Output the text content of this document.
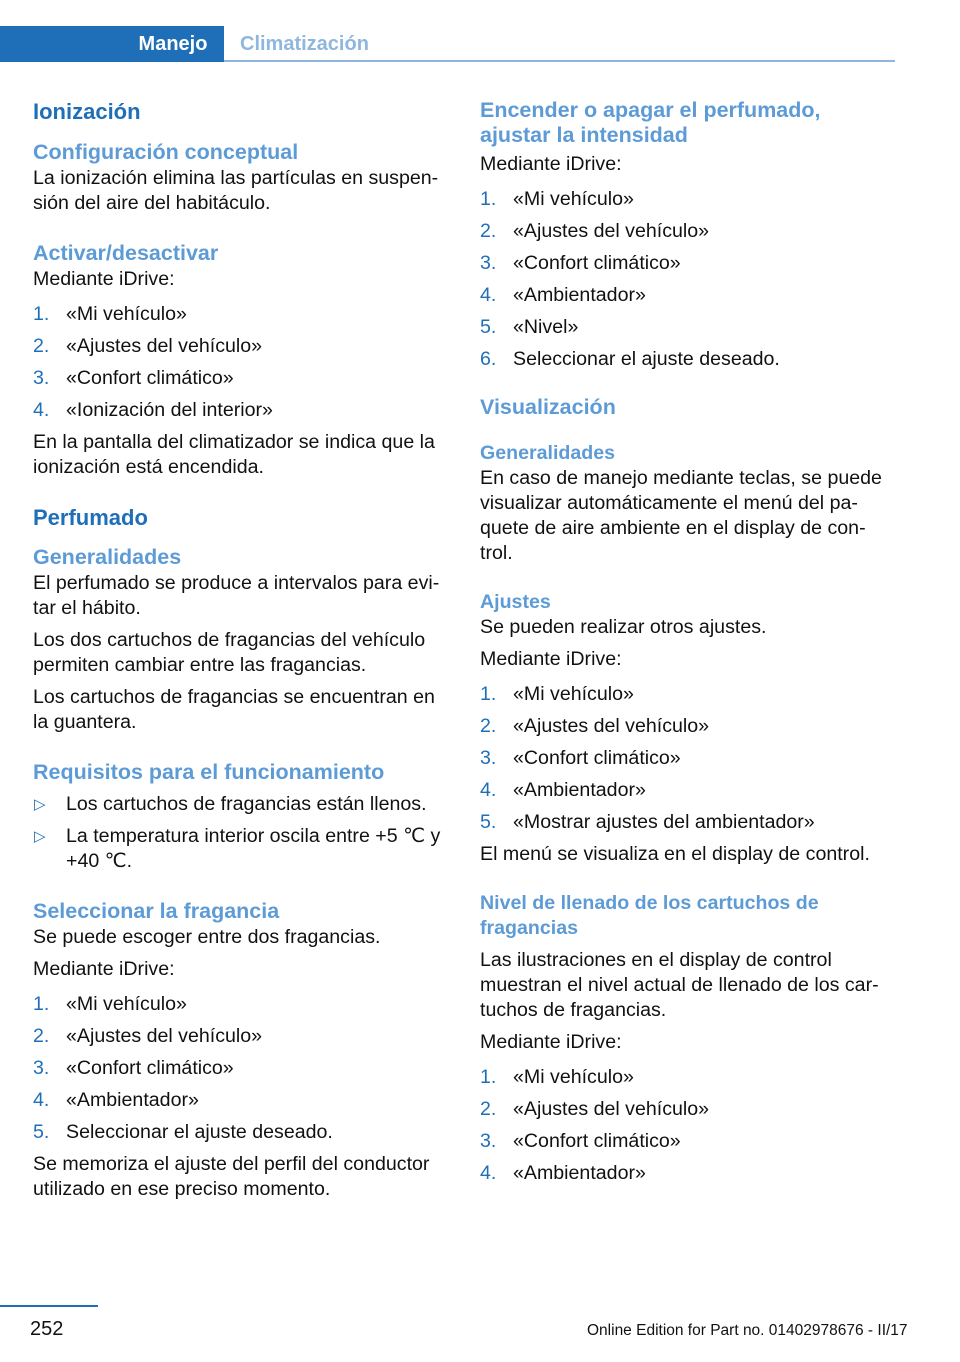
Manejo	Climatización
Ionización
Configuración conceptual

La ionización elimina las partículas en suspen‐ sión del aire del habitáculo.

Activar/desactivar

Mediante iDrive:

1. «Mi vehículo»
2. «Ajustes del vehículo»
3. «Confort climático»
4. «Ionización del interior»

En la pantalla del climatizador se indica que la ionización está encendida.

Perfumado
Generalidades

El perfumado se produce a intervalos para evi‐ tar el hábito.

Los dos cartuchos de fragancias del vehículo permiten cambiar entre las fragancias.

Los cartuchos de fragancias se encuentran en la guantera.

Requisitos para el funcionamiento
▷ Los cartuchos de fragancias están llenos.
▷ La temperatura interior oscila entre +5 ℃ y +40 ℃.
Seleccionar la fragancia

Se puede escoger entre dos fragancias.

Mediante iDrive:

1. «Mi vehículo»
2. «Ajustes del vehículo»
3. «Confort climático»
4. «Ambientador»
5. Seleccionar el ajuste deseado.

Se memoriza el ajuste del perfil del conductor utilizado en ese preciso momento.

Encender o apagar el perfumado, ajustar la intensidad

Mediante iDrive:

1. «Mi vehículo»
2. «Ajustes del vehículo»
3. «Confort climático»
4. «Ambientador»
5. «Nivel»
6. Seleccionar el ajuste deseado.
Visualización
Generalidades

En caso de manejo mediante teclas, se puede visualizar automáticamente el menú del pa‐ quete de aire ambiente en el display de con‐ trol.

Ajustes

Se pueden realizar otros ajustes.

Mediante iDrive:

1. «Mi vehículo»
2. «Ajustes del vehículo»
3. «Confort climático»
4. «Ambientador»
5. «Mostrar ajustes del ambientador»

El menú se visualiza en el display de control.

Nivel de llenado de los cartuchos de fragancias

Las ilustraciones en el display de control muestran el nivel actual de llenado de los car‐ tuchos de fragancias.

Mediante iDrive:

1. «Mi vehículo»
2. «Ajustes del vehículo»
3. «Confort climático»
4. «Ambientador»
252	Online Edition for Part no. 01402978676 - II/17
